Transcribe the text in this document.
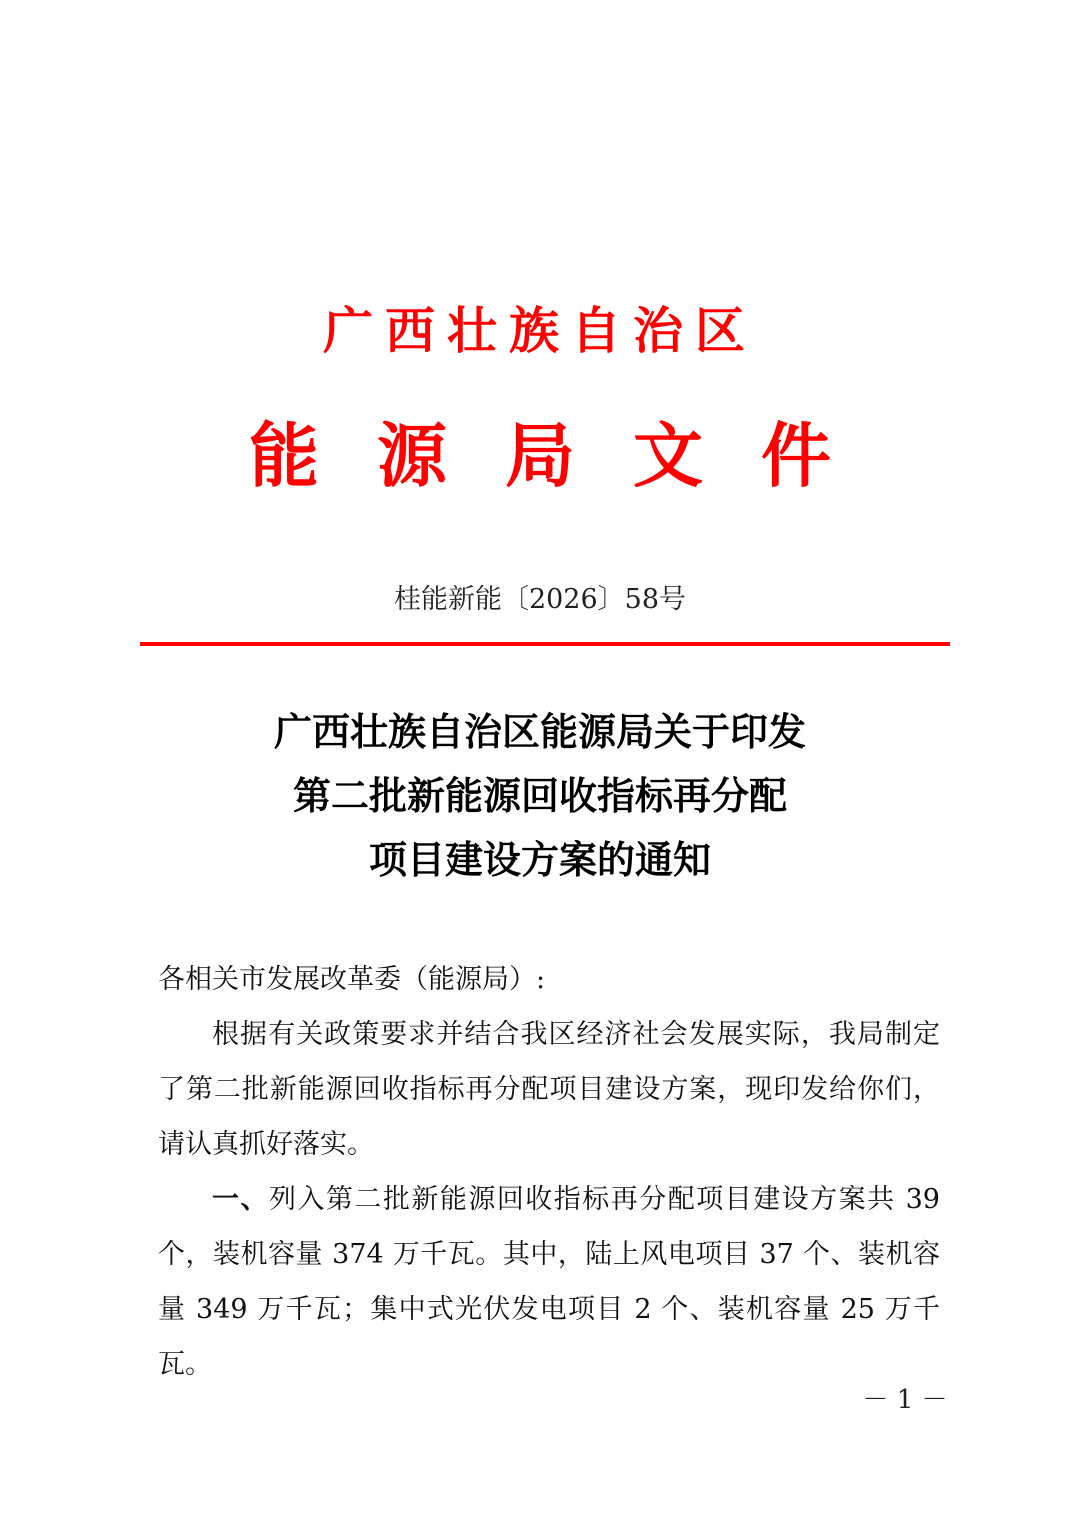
广西壮族自治区
能源局文件
桂能新能〔2026〕58号
广西壮族自治区能源局关于印发
第二批新能源回收指标再分配
项目建设方案的通知

各相关市发展改革委（能源局）:

根据有关政策要求并结合我区经济社会发展实际，我局制定了第二批新能源回收指标再分配项目建设方案，现印发给你们，请认真抓好落实。

一、列入第二批新能源回收指标再分配项目建设方案共 39 个，装机容量 374 万千瓦。其中，陆上风电项目 37 个、装机容量 349 万千瓦；集中式光伏发电项目 2 个、装机容量 25 万千瓦。

－ 1 －
